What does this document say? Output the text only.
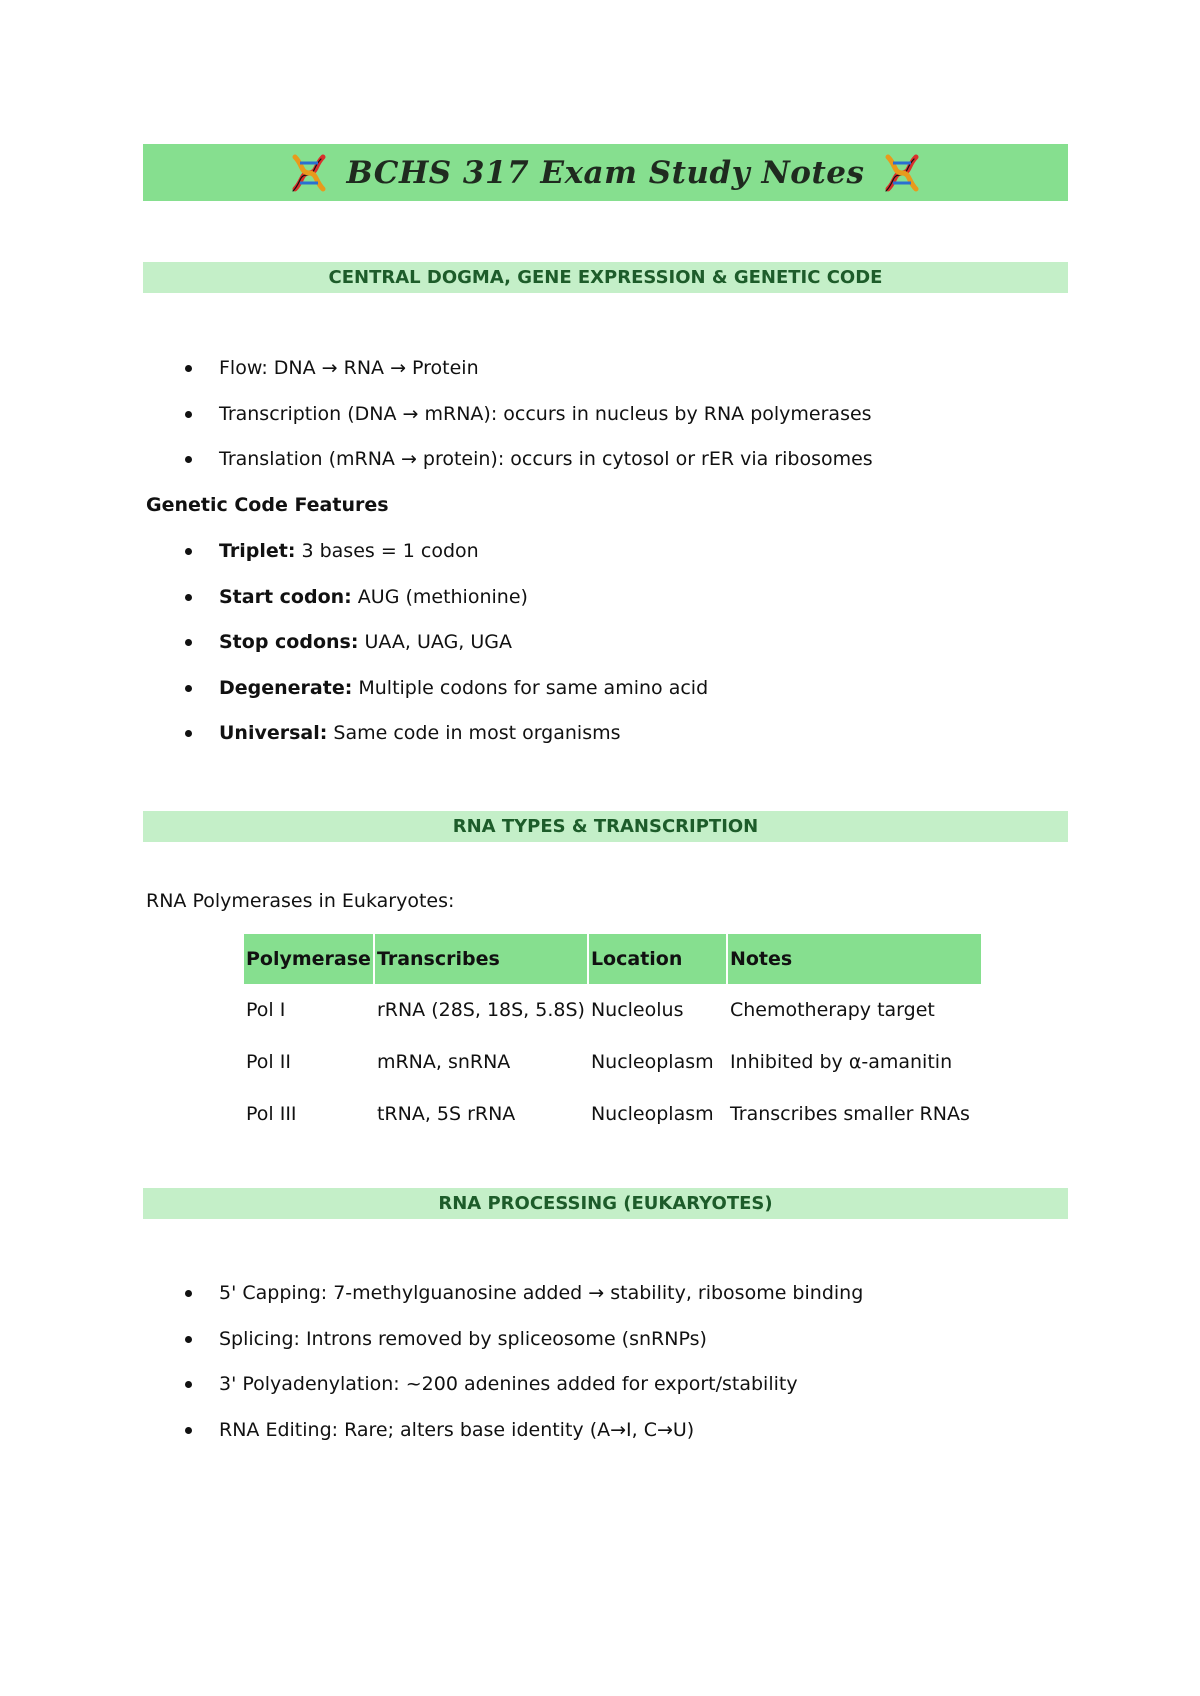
BCHS 317 Exam Study Notes
CENTRAL DOGMA, GENE EXPRESSION & GENETIC CODE
Flow: DNA → RNA → Protein
Transcription (DNA → mRNA): occurs in nucleus by RNA polymerases
Translation (mRNA → protein): occurs in cytosol or rER via ribosomes
Genetic Code Features
Triplet: 3 bases = 1 codon
Start codon: AUG (methionine)
Stop codons: UAA, UAG, UGA
Degenerate: Multiple codons for same amino acid
Universal: Same code in most organisms
RNA TYPES & TRANSCRIPTION
RNA Polymerases in Eukaryotes:
Polymerase	Transcribes	Location	Notes
Pol I	rRNA (28S, 18S, 5.8S)	Nucleolus	Chemotherapy target
Pol II	mRNA, snRNA	Nucleoplasm	Inhibited by α-amanitin
Pol III	tRNA, 5S rRNA	Nucleoplasm	Transcribes smaller RNAs
RNA PROCESSING (EUKARYOTES)
5' Capping: 7-methylguanosine added → stability, ribosome binding
Splicing: Introns removed by spliceosome (snRNPs)
3' Polyadenylation: ~200 adenines added for export/stability
RNA Editing: Rare; alters base identity (A→I, C→U)
